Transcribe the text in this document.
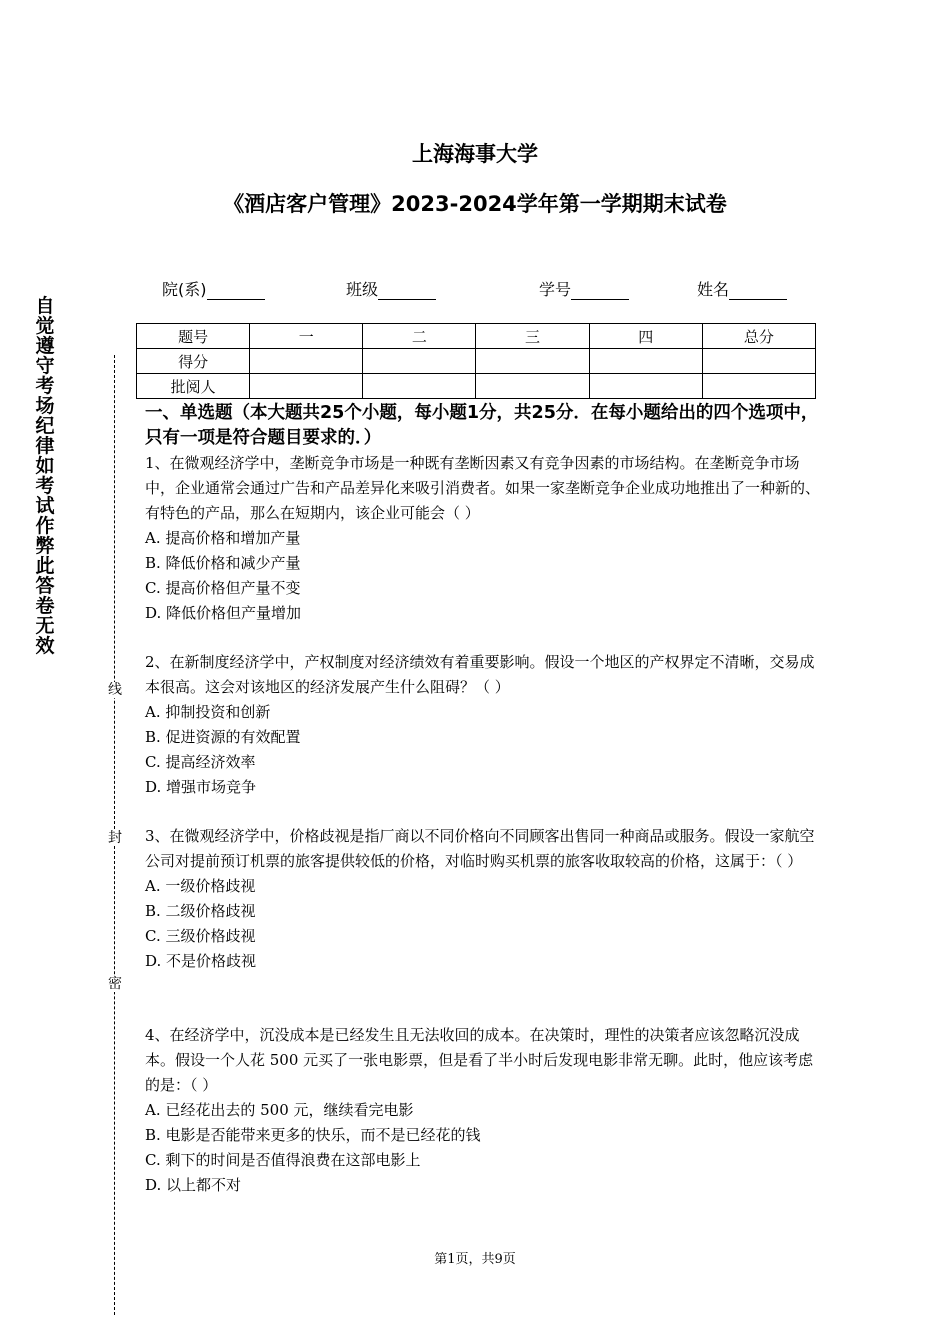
上海海事大学
《酒店客户管理》2023-2024学年第一学期期末试卷
自觉遵守考场纪律如考试作弊此答卷无效
线
封
密
院(系)	班级	学号	姓名
题号	一	二	三	四	总分
得分					
批阅人					
一、单选题（本大题共25个小题，每小题1分，共25分．在每小题给出的四个选项中，只有一项是符合题目要求的．）

1、在微观经济学中，垄断竞争市场是一种既有垄断因素又有竞争因素的市场结构。在垄断竞争市场中，企业通常会通过广告和产品差异化来吸引消费者。如果一家垄断竞争企业成功地推出了一种新的、有特色的产品，那么在短期内，该企业可能会（ ）

A. 提高价格和增加产量

B. 降低价格和减少产量

C. 提高价格但产量不变

D. 降低价格但产量增加

2、在新制度经济学中，产权制度对经济绩效有着重要影响。假设一个地区的产权界定不清晰，交易成本很高。这会对该地区的经济发展产生什么阻碍？（ ）

A. 抑制投资和创新

B. 促进资源的有效配置

C. 提高经济效率

D. 增强市场竞争

3、在微观经济学中，价格歧视是指厂商以不同价格向不同顾客出售同一种商品或服务。假设一家航空公司对提前预订机票的旅客提供较低的价格，对临时购买机票的旅客收取较高的价格，这属于：（ ）

A. 一级价格歧视

B. 二级价格歧视

C. 三级价格歧视

D. 不是价格歧视

4、在经济学中，沉没成本是已经发生且无法收回的成本。在决策时，理性的决策者应该忽略沉没成本。假设一个人花 500 元买了一张电影票，但是看了半小时后发现电影非常无聊。此时，他应该考虑的是：（ ）

A. 已经花出去的 500 元，继续看完电影

B. 电影是否能带来更多的快乐，而不是已经花的钱

C. 剩下的时间是否值得浪费在这部电影上

D. 以上都不对

第1页，共9页
